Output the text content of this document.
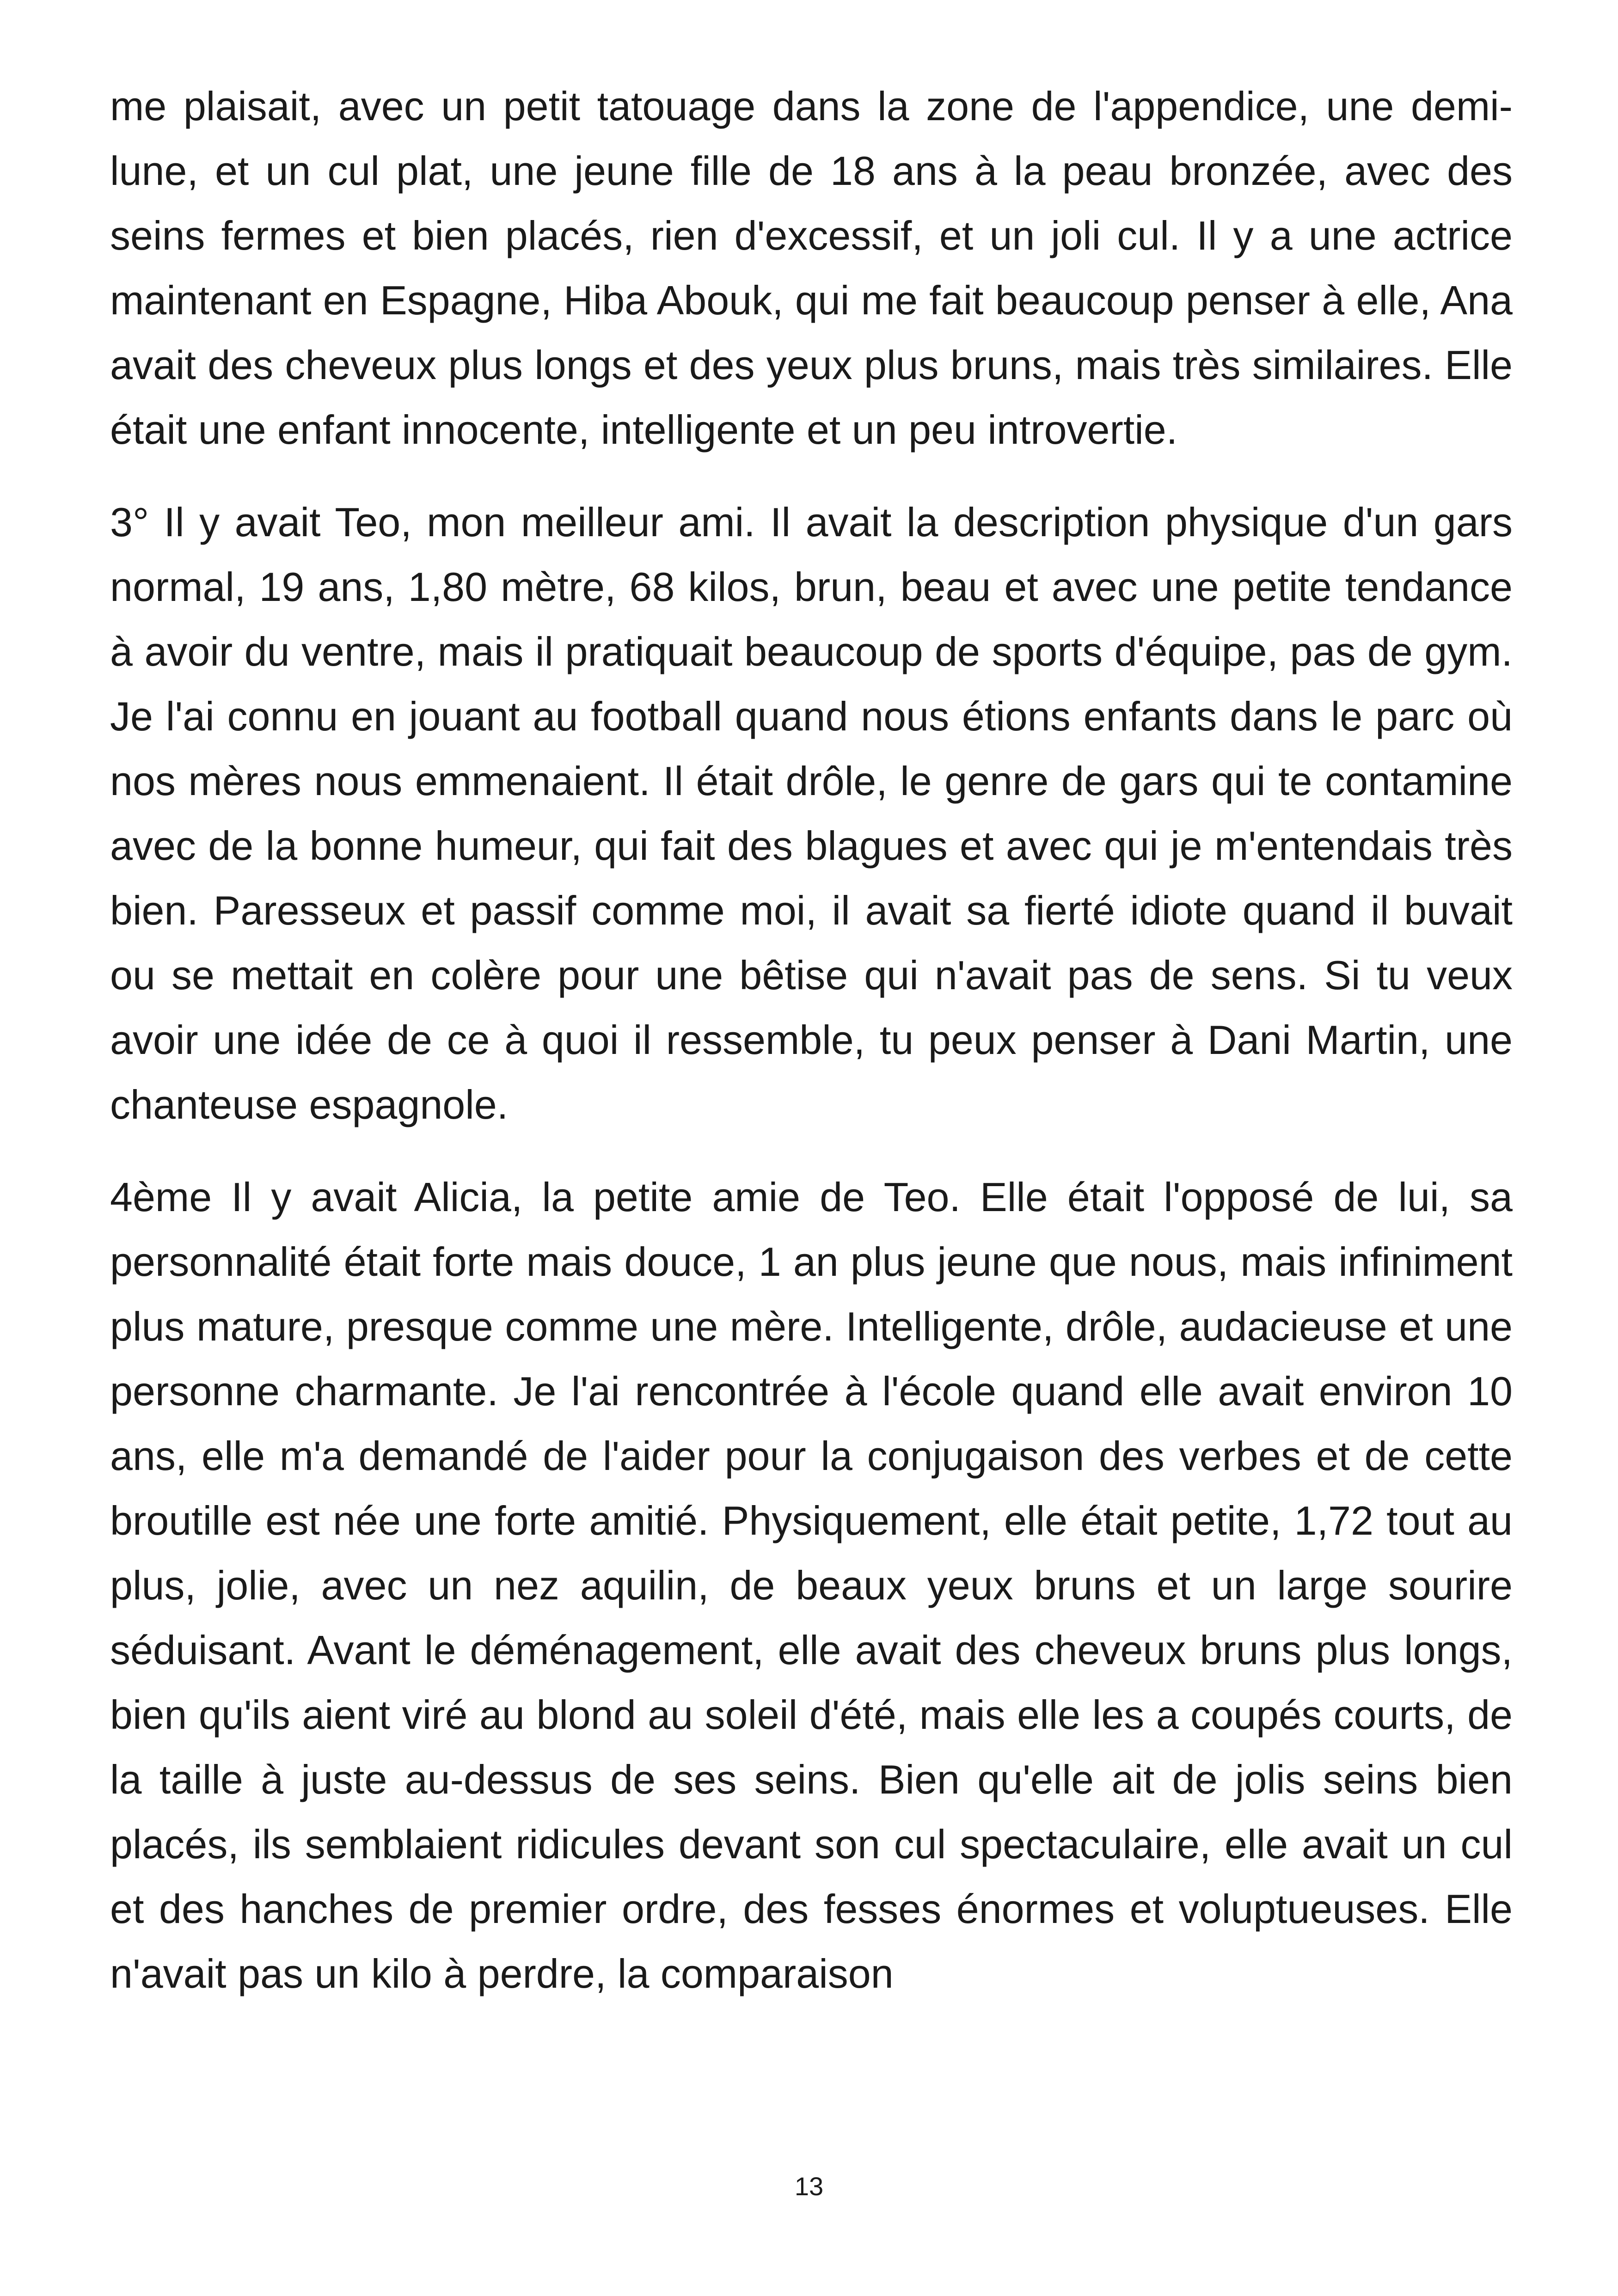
me plaisait, avec un petit tatouage dans la zone de l'appendice, une demi-lune, et un cul plat, une jeune fille de 18 ans à la peau bronzée, avec des seins fermes et bien placés, rien d'excessif, et un joli cul. Il y a une actrice maintenant en Espagne, Hiba Abouk, qui me fait beaucoup penser à elle, Ana avait des cheveux plus longs et des yeux plus bruns, mais très similaires. Elle était une enfant innocente, intelligente et un peu introvertie.

3° Il y avait Teo, mon meilleur ami. Il avait la description physique d'un gars normal, 19 ans, 1,80 mètre, 68 kilos, brun, beau et avec une petite tendance à avoir du ventre, mais il pratiquait beaucoup de sports d'équipe, pas de gym. Je l'ai connu en jouant au football quand nous étions enfants dans le parc où nos mères nous emmenaient. Il était drôle, le genre de gars qui te contamine avec de la bonne humeur, qui fait des blagues et avec qui je m'entendais très bien. Paresseux et passif comme moi, il avait sa fierté idiote quand il buvait ou se mettait en colère pour une bêtise qui n'avait pas de sens. Si tu veux avoir une idée de ce à quoi il ressemble, tu peux penser à Dani Martin, une chanteuse espagnole.

4ème Il y avait Alicia, la petite amie de Teo. Elle était l'opposé de lui, sa personnalité était forte mais douce, 1 an plus jeune que nous, mais infiniment plus mature, presque comme une mère. Intelligente, drôle, audacieuse et une personne charmante. Je l'ai rencontrée à l'école quand elle avait environ 10 ans, elle m'a demandé de l'aider pour la conjugaison des verbes et de cette broutille est née une forte amitié. Physiquement, elle était petite, 1,72 tout au plus, jolie, avec un nez aquilin, de beaux yeux bruns et un large sourire séduisant. Avant le déménagement, elle avait des cheveux bruns plus longs, bien qu'ils aient viré au blond au soleil d'été, mais elle les a coupés courts, de la taille à juste au-dessus de ses seins. Bien qu'elle ait de jolis seins bien placés, ils semblaient ridicules devant son cul spectaculaire, elle avait un cul et des hanches de premier ordre, des fesses énormes et voluptueuses. Elle n'avait pas un kilo à perdre, la comparaison

13
